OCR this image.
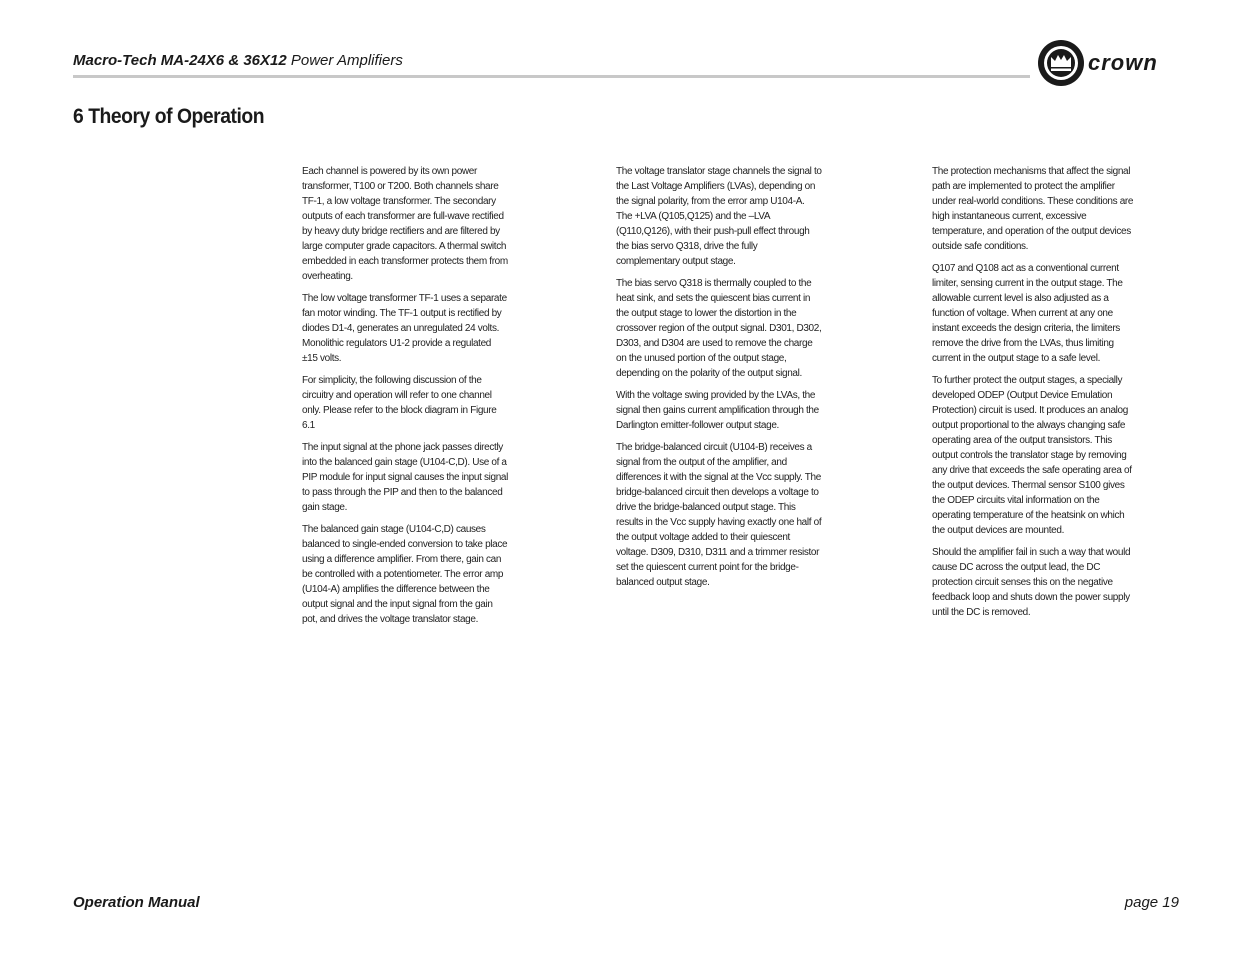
Macro-Tech MA-24X6 & 36X12 Power Amplifiers	crown
6 Theory of Operation

Each channel is powered by its own power transformer, T100 or T200. Both channels share TF-1, a low voltage transformer. The secondary outputs of each transformer are full-wave rectified by heavy duty bridge rectifiers and are filtered by large computer grade capacitors. A thermal switch embedded in each transformer protects them from overheating.

The low voltage transformer TF-1 uses a separate fan motor winding. The TF-1 output is rectified by diodes D1-4, generates an unregulated 24 volts. Monolithic regulators U1-2 provide a regulated ±15 volts.

For simplicity, the following discussion of the circuitry and operation will refer to one channel only. Please refer to the block diagram in Figure 6.1

The input signal at the phone jack passes directly into the balanced gain stage (U104-C,D). Use of a PIP module for input signal causes the input signal to pass through the PIP and then to the balanced gain stage.

The balanced gain stage (U104-C,D) causes balanced to single-ended conversion to take place using a difference amplifier. From there, gain can be controlled with a potentiometer. The error amp (U104-A) amplifies the difference between the output signal and the input signal from the gain pot, and drives the voltage translator stage.

The voltage translator stage channels the signal to the Last Voltage Amplifiers (LVAs), depending on the signal polarity, from the error amp U104-A. The +LVA (Q105,Q125) and the –LVA (Q110,Q126), with their push-pull effect through the bias servo Q318, drive the fully complementary output stage.

The bias servo Q318 is thermally coupled to the heat sink, and sets the quiescent bias current in the output stage to lower the distortion in the crossover region of the output signal. D301, D302, D303, and D304 are used to remove the charge on the unused portion of the output stage, depending on the polarity of the output signal.

With the voltage swing provided by the LVAs, the signal then gains current amplification through the Darlington emitter-follower output stage.

The bridge-balanced circuit (U104-B) receives a signal from the output of the amplifier, and differences it with the signal at the Vcc supply. The bridge-balanced circuit then develops a voltage to drive the bridge-balanced output stage. This results in the Vcc supply having exactly one half of the output voltage added to their quiescent voltage. D309, D310, D311 and a trimmer resistor set the quiescent current point for the bridge-balanced output stage.

The protection mechanisms that affect the signal path are implemented to protect the amplifier under real-world conditions. These conditions are high instantaneous current, excessive temperature, and operation of the output devices outside safe conditions.

Q107 and Q108 act as a conventional current limiter, sensing current in the output stage. The allowable current level is also adjusted as a function of voltage. When current at any one instant exceeds the design criteria, the limiters remove the drive from the LVAs, thus limiting current in the output stage to a safe level.

To further protect the output stages, a specially developed ODEP (Output Device Emulation Protection) circuit is used. It produces an analog output proportional to the always changing safe operating area of the output transistors. This output controls the translator stage by removing any drive that exceeds the safe operating area of the output devices. Thermal sensor S100 gives the ODEP circuits vital information on the operating temperature of the heatsink on which the output devices are mounted.

Should the amplifier fail in such a way that would cause DC across the output lead, the DC protection circuit senses this on the negative feedback loop and shuts down the power supply until the DC is removed.

Operation Manual	page 19
